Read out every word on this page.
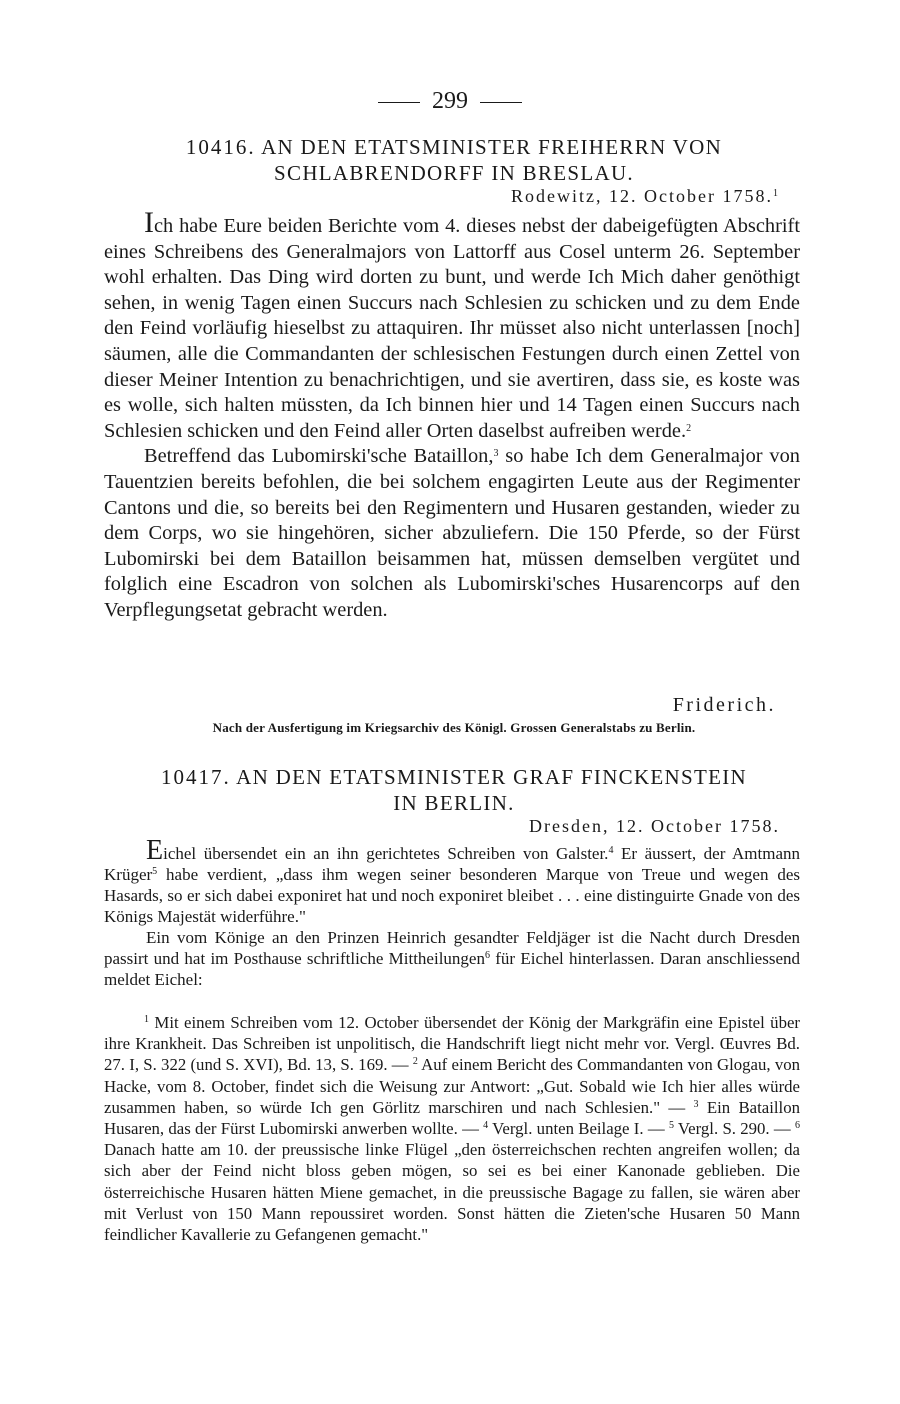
299
10416. AN DEN ETATSMINISTER FREIHERRN VON
SCHLABRENDORFF IN BRESLAU.
Rodewitz, 12. October 1758.$^1$

Ich habe Eure beiden Berichte vom 4. dieses nebst der dabeigefügten Abschrift eines Schreibens des Generalmajors von Lattorff aus Cosel unterm 26. September wohl erhalten. Das Ding wird dorten zu bunt, und werde Ich Mich daher genöthigt sehen, in wenig Tagen einen Succurs nach Schlesien zu schicken und zu dem Ende den Feind vorläufig hieselbst zu attaquiren. Ihr müsset also nicht unterlassen [noch] säumen, alle die Commandanten der schlesischen Festungen durch einen Zettel von dieser Meiner Intention zu benachrichtigen, und sie avertiren, dass sie, es koste was es wolle, sich halten müssten, da Ich binnen hier und 14 Tagen einen Succurs nach Schlesien schicken und den Feind aller Orten daselbst aufreiben werde.$^2$

Betreffend das Lubomirski'sche Bataillon,$^3$ so habe Ich dem Generalmajor von Tauentzien bereits befohlen, die bei solchem engagirten Leute aus der Regimenter Cantons und die, so bereits bei den Regimentern und Husaren gestanden, wieder zu dem Corps, wo sie hingehören, sicher abzuliefern. Die 150 Pferde, so der Fürst Lubomirski bei dem Bataillon beisammen hat, müssen demselben vergütet und folglich eine Escadron von solchen als Lubomirski'sches Husarencorps auf den Verpflegungsetat gebracht werden.

Friderich.
Nach der Ausfertigung im Kriegsarchiv des Königl. Grossen Generalstabs zu Berlin.
10417. AN DEN ETATSMINISTER GRAF FINCKENSTEIN
IN BERLIN.
Dresden, 12. October 1758.

Eichel übersendet ein an ihn gerichtetes Schreiben von Galster.$^4$ Er äussert, der Amtmann Krüger$^5$ habe verdient, „dass ihm wegen seiner besonderen Marque von Treue und wegen des Hasards, so er sich dabei exponiret hat und noch exponiret bleibet . . . eine distinguirte Gnade von des Königs Majestät widerführe."

Ein vom Könige an den Prinzen Heinrich gesandter Feldjäger ist die Nacht durch Dresden passirt und hat im Posthause schriftliche Mittheilungen$^6$ für Eichel hinterlassen. Daran anschliessend meldet Eichel:

$^1$ Mit einem Schreiben vom 12. October übersendet der König der Markgräfin eine Epistel über ihre Krankheit. Das Schreiben ist unpolitisch, die Handschrift liegt nicht mehr vor. Vergl. Œuvres Bd. 27. I, S. 322 (und S. XVI), Bd. 13, S. 169. — $^2$ Auf einem Bericht des Commandanten von Glogau, von Hacke, vom 8. October, findet sich die Weisung zur Antwort: „Gut. Sobald wie Ich hier alles würde zusammen haben, so würde Ich gen Görlitz marschiren und nach Schlesien." — $^3$ Ein Bataillon Husaren, das der Fürst Lubomirski anwerben wollte. — $^4$ Vergl. unten Beilage I. — $^5$ Vergl. S. 290. — $^6$ Danach hatte am 10. der preussische linke Flügel „den österreichschen rechten angreifen wollen; da sich aber der Feind nicht bloss geben mögen, so sei es bei einer Kanonade geblieben. Die österreichische Husaren hätten Miene gemachet, in die preussische Bagage zu fallen, sie wären aber mit Verlust von 150 Mann repoussiret worden. Sonst hätten die Zieten'sche Husaren 50 Mann feindlicher Kavallerie zu Gefangenen gemacht."
